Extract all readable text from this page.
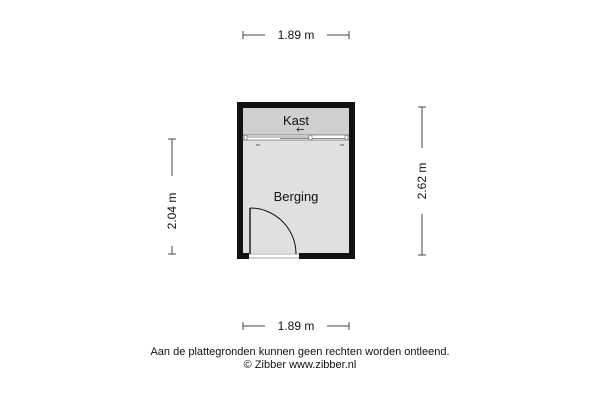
1.89 m
1.89 m
2.04 m
2.62 m
Kast
Berging
Aan de plattegronden kunnen geen rechten worden ontleend.
© Zibber www.zibber.nl
